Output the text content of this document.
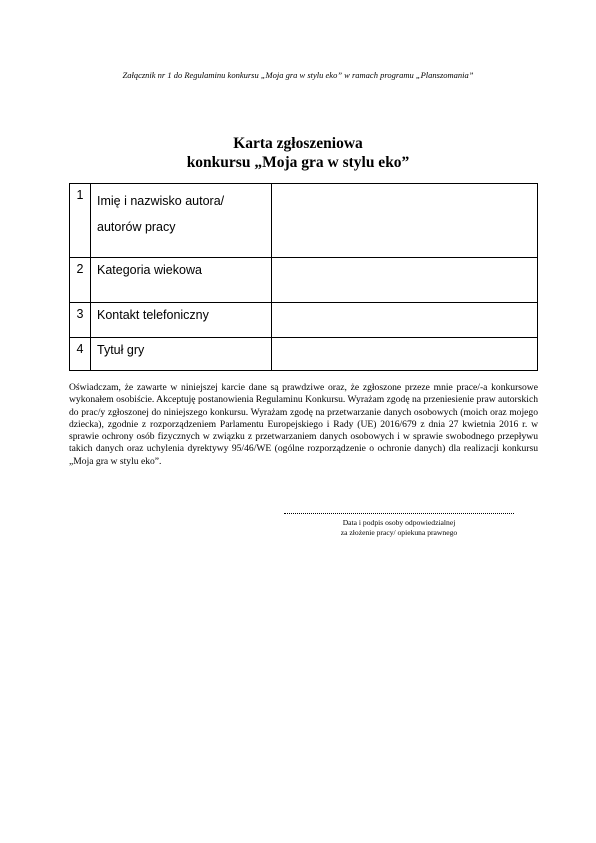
Załącznik nr 1 do Regulaminu konkursu „Moja gra w stylu eko” w ramach programu „Planszomania”
Karta zgłoszeniowa
konkursu „Moja gra w stylu eko”
1	Imię i nazwisko autora/
autorów pracy	

2	Kategoria wiekowa	

3	Kontakt telefoniczny	

4	Tytuł gry	

Oświadczam, że zawarte w niniejszej karcie dane są prawdziwe oraz, że zgłoszone przeze mnie prace/-a konkursowe wykonałem osobiście. Akceptuję postanowienia Regulaminu Konkursu. Wyrażam zgodę na przeniesienie praw autorskich do prac/y zgłoszonej do niniejszego konkursu. Wyrażam zgodę na przetwarzanie danych osobowych (moich oraz mojego dziecka), zgodnie z rozporządzeniem Parlamentu Europejskiego i Rady (UE) 2016/679 z dnia 27 kwietnia 2016 r. w sprawie ochrony osób fizycznych w związku z przetwarzaniem danych osobowych i w sprawie swobodnego przepływu takich danych oraz uchylenia dyrektywy 95/46/WE (ogólne rozporządzenie o ochronie danych) dla realizacji konkursu „Moja gra w stylu eko”.
Data i podpis osoby odpowiedzialnej
za złożenie pracy/ opiekuna prawnego
